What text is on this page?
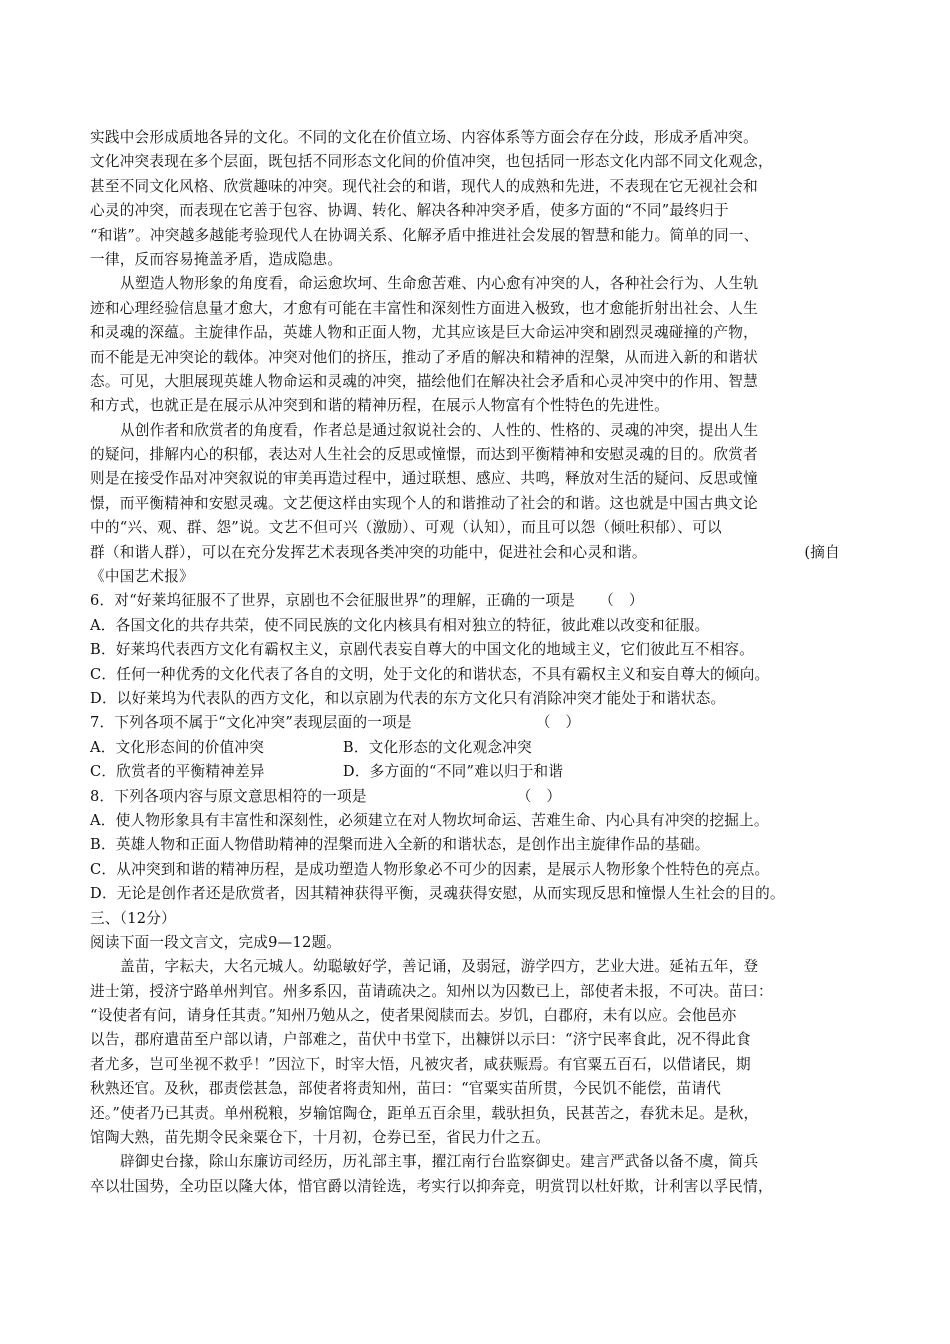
实践中会形成质地各异的文化。不同的文化在价值立场、内容体系等方面会存在分歧，形成矛盾冲突。
文化冲突表现在多个层面，既包括不同形态文化间的价值冲突，也包括同一形态文化内部不同文化观念，
甚至不同文化风格、欣赏趣味的冲突。现代社会的和谐，现代人的成熟和先进，不表现在它无视社会和
心灵的冲突，而表现在它善于包容、协调、转化、解决各种冲突矛盾，使多方面的“不同”最终归于
“和谐”。冲突越多越能考验现代人在协调关系、化解矛盾中推进社会发展的智慧和能力。简单的同一、
一律，反而容易掩盖矛盾，造成隐患。
从塑造人物形象的角度看，命运愈坎坷、生命愈苦难、内心愈有冲突的人，各种社会行为、人生轨
迹和心理经验信息量才愈大，才愈有可能在丰富性和深刻性方面进入极致，也才愈能折射出社会、人生
和灵魂的深蕴。主旋律作品，英雄人物和正面人物，尤其应该是巨大命运冲突和剧烈灵魂碰撞的产物，
而不能是无冲突论的载体。冲突对他们的挤压，推动了矛盾的解决和精神的涅槃，从而进入新的和谐状
态。可见，大胆展现英雄人物命运和灵魂的冲突，描绘他们在解决社会矛盾和心灵冲突中的作用、智慧
和方式，也就正是在展示从冲突到和谐的精神历程，在展示人物富有个性特色的先进性。
从创作者和欣赏者的角度看，作者总是通过叙说社会的、人性的、性格的、灵魂的冲突，提出人生
的疑问，排解内心的积郁，表达对人生社会的反思或憧憬，而达到平衡精神和安慰灵魂的目的。欣赏者
则是在接受作品对冲突叙说的审美再造过程中，通过联想、感应、共鸣，释放对生活的疑问、反思或憧
憬，而平衡精神和安慰灵魂。文艺便这样由实现个人的和谐推动了社会的和谐。这也就是中国古典文论
中的“兴、观、群、怨”说。文艺不但可兴（激励）、可观（认知），而且可以怨（倾吐积郁）、可以
群（和谐人群），可以在充分发挥艺术表现各类冲突的功能中，促进社会和心灵和谐。	(摘自
《中国艺术报》
6．对“好莱坞征服不了世界，京剧也不会征服世界”的理解，正确的一项是 （　）
A．各国文化的共存共荣，使不同民族的文化内核具有相对独立的特征，彼此难以改变和征服。
B．好莱坞代表西方文化有霸权主义，京剧代表妄自尊大的中国文化的地域主义，它们彼此互不相容。
C．任何一种优秀的文化代表了各自的文明，处于文化的和谐状态，不具有霸权主义和妄自尊大的倾向。
D．以好莱坞为代表队的西方文化，和以京剧为代表的东方文化只有消除冲突才能处于和谐状态。
7．下列各项不属于“文化冲突”表现层面的一项是	（　）
A．文化形态间的价值冲突	B．文化形态的文化观念冲突
C．欣赏者的平衡精神差异	D．多方面的“不同”难以归于和谐
8．下列各项内容与原文意思相符的一项是	（　）
A．使人物形象具有丰富性和深刻性，必须建立在对人物坎坷命运、苦难生命、内心具有冲突的挖掘上。
B．英雄人物和正面人物借助精神的涅槃而进入全新的和谐状态，是创作出主旋律作品的基础。
C．从冲突到和谐的精神历程，是成功塑造人物形象必不可少的因素，是展示人物形象个性特色的亮点。
D．无论是创作者还是欣赏者，因其精神获得平衡，灵魂获得安慰，从而实现反思和憧憬人生社会的目的。
三、（12分）
阅读下面一段文言文，完成9—12题。
盖苗，字耘夫，大名元城人。幼聪敏好学，善记诵，及弱冠，游学四方，艺业大进。延祐五年，登
进士第，授济宁路单州判官。州多系囚，苗请疏决之。知州以为囚数已上，部使者未报，不可决。苗曰：
“设使者有问，请身任其责。”知州乃勉从之，使者果阅牍而去。岁饥，白郡府，未有以应。会他邑亦
以告，郡府遣苗至户部以请，户部难之，苗伏中书堂下，出糠饼以示曰：“济宁民率食此，况不得此食
者尤多，岂可坐视不救乎！”因泣下，时宰大悟，凡被灾者，咸获赈焉。有官粟五百石，以借诸民，期
秋熟还官。及秋，郡责偿甚急，部使者将责知州，苗曰：“官粟实苗所贯，今民饥不能偿，苗请代
还。”使者乃已其责。单州税粮，岁输馆陶仓，距单五百余里，载驮担负，民甚苦之，春犹未足。是秋，
馆陶大熟，苗先期令民籴粟仓下，十月初，仓券已至，省民力什之五。
辟御史台掾，除山东廉访司经历，历礼部主事，擢江南行台监察御史。建言严武备以备不虞，简兵
卒以壮国势，全功臣以隆大体，惜官爵以清铨选，考实行以抑奔竞，明赏罚以杜奸欺，计利害以孚民情，
